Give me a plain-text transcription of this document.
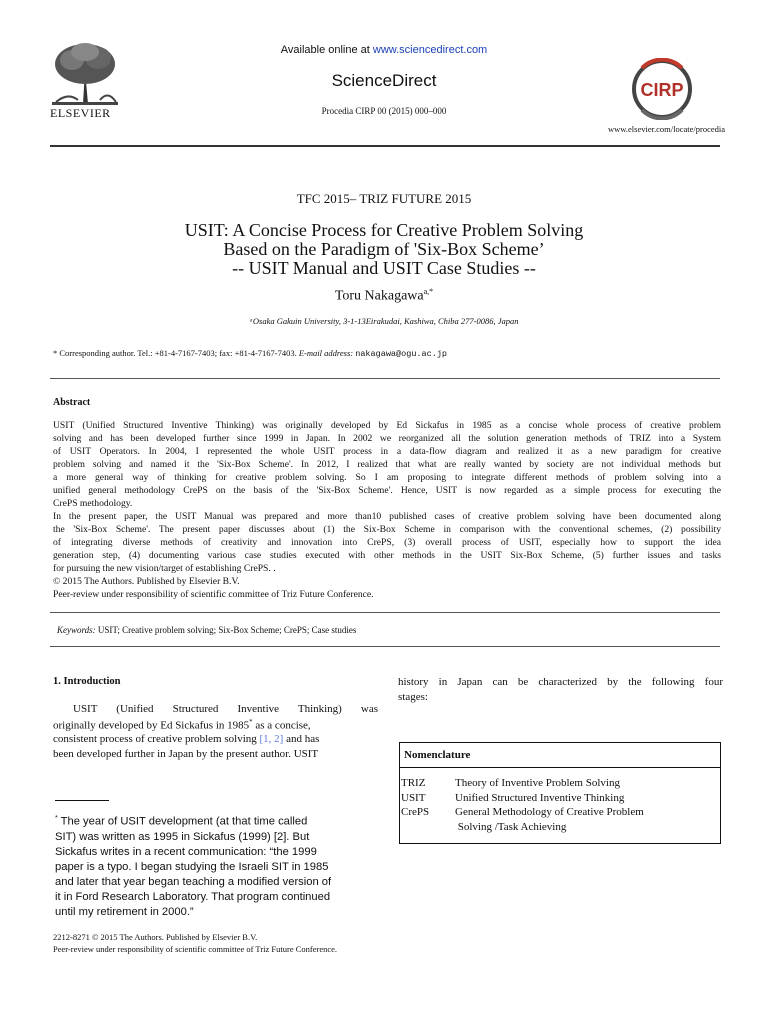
Available online at www.sciencedirect.com
ScienceDirect
Procedia CIRP 00 (2015) 000–000
ELSEVIER
CIRP
www.elsevier.com/locate/procedia
TFC 2015– TRIZ FUTURE 2015
USIT: A Concise Process for Creative Problem Solving
Based on the Paradigm of 'Six-Box Scheme’
-- USIT Manual and USIT Case Studies --
Toru Nakagawa$^{a,*}$
ᵃOsaka Gakuin University, 3-1-13Eirakudai, Kashiwa, Chiba 277-0086, Japan
* Corresponding author. Tel.: +81-4-7167-7403; fax: +81-4-7167-7403. E-mail address: nakagawa@ogu.ac.jp
Abstract
USIT (Unified Structured Inventive Thinking) was originally developed by Ed Sickafus in 1985 as a concise whole process of creative problem
solving and has been developed further since 1999 in Japan. In 2002 we reorganized all the solution generation methods of TRIZ into a System
of USIT Operators. In 2004, I represented the whole USIT process in a data-flow diagram and realized it as a new paradigm for creative
problem solving and named it the 'Six-Box Scheme'. In 2012, I realized that what are really wanted by society are not individual methods but
a more general way of thinking for creative problem solving. So I am proposing to integrate different methods of problem solving into a
unified general methodology CrePS on the basis of the 'Six-Box Scheme'. Hence, USIT is now regarded as a simple process for executing the
CrePS methodology.
In the present paper, the USIT Manual was prepared and more than10 published cases of creative problem solving have been documented along
the 'Six-Box Scheme'. The present paper discusses about (1) the Six-Box Scheme in comparison with the conventional schemes, (2) possibility
of integrating diverse methods of creativity and innovation into CrePS, (3) overall process of USIT, especially how to support the idea
generation step, (4) documenting various case studies executed with other methods in the USIT Six-Box Scheme, (5) further issues and tasks
for pursuing the new vision/target of establishing CrePS. .
© 2015 The Authors. Published by Elsevier B.V.
Peer-review under responsibility of scientific committee of Triz Future Conference.
Keywords: USIT; Creative problem solving; Six-Box Scheme; CrePS; Case studies
1. Introduction
USIT (Unified Structured Inventive Thinking) was
originally developed by Ed Sickafus in 1985* as a concise,
consistent process of creative problem solving [1, 2] and has
been developed further in Japan by the present author. USIT
history in Japan can be characterized by the following four
stages:
* The year of USIT development (at that time called
SIT) was written as 1995 in Sickafus (1999) [2]. But
Sickafus writes in a recent communication: “the 1999
paper is a typo. I began studying the Israeli SIT in 1985
and later that year began teaching a modified version of
it in Ford Research Laboratory. That program continued
until my retirement in 2000.”
Nomenclature
TRIZ	Theory of Inventive Problem Solving
USIT	Unified Structured Inventive Thinking
CrePS General Methodology of Creative Problem
Solving /Task Achieving
2212-8271 © 2015 The Authors. Published by Elsevier B.V.
Peer-review under responsibility of scientific committee of Triz Future Conference.
